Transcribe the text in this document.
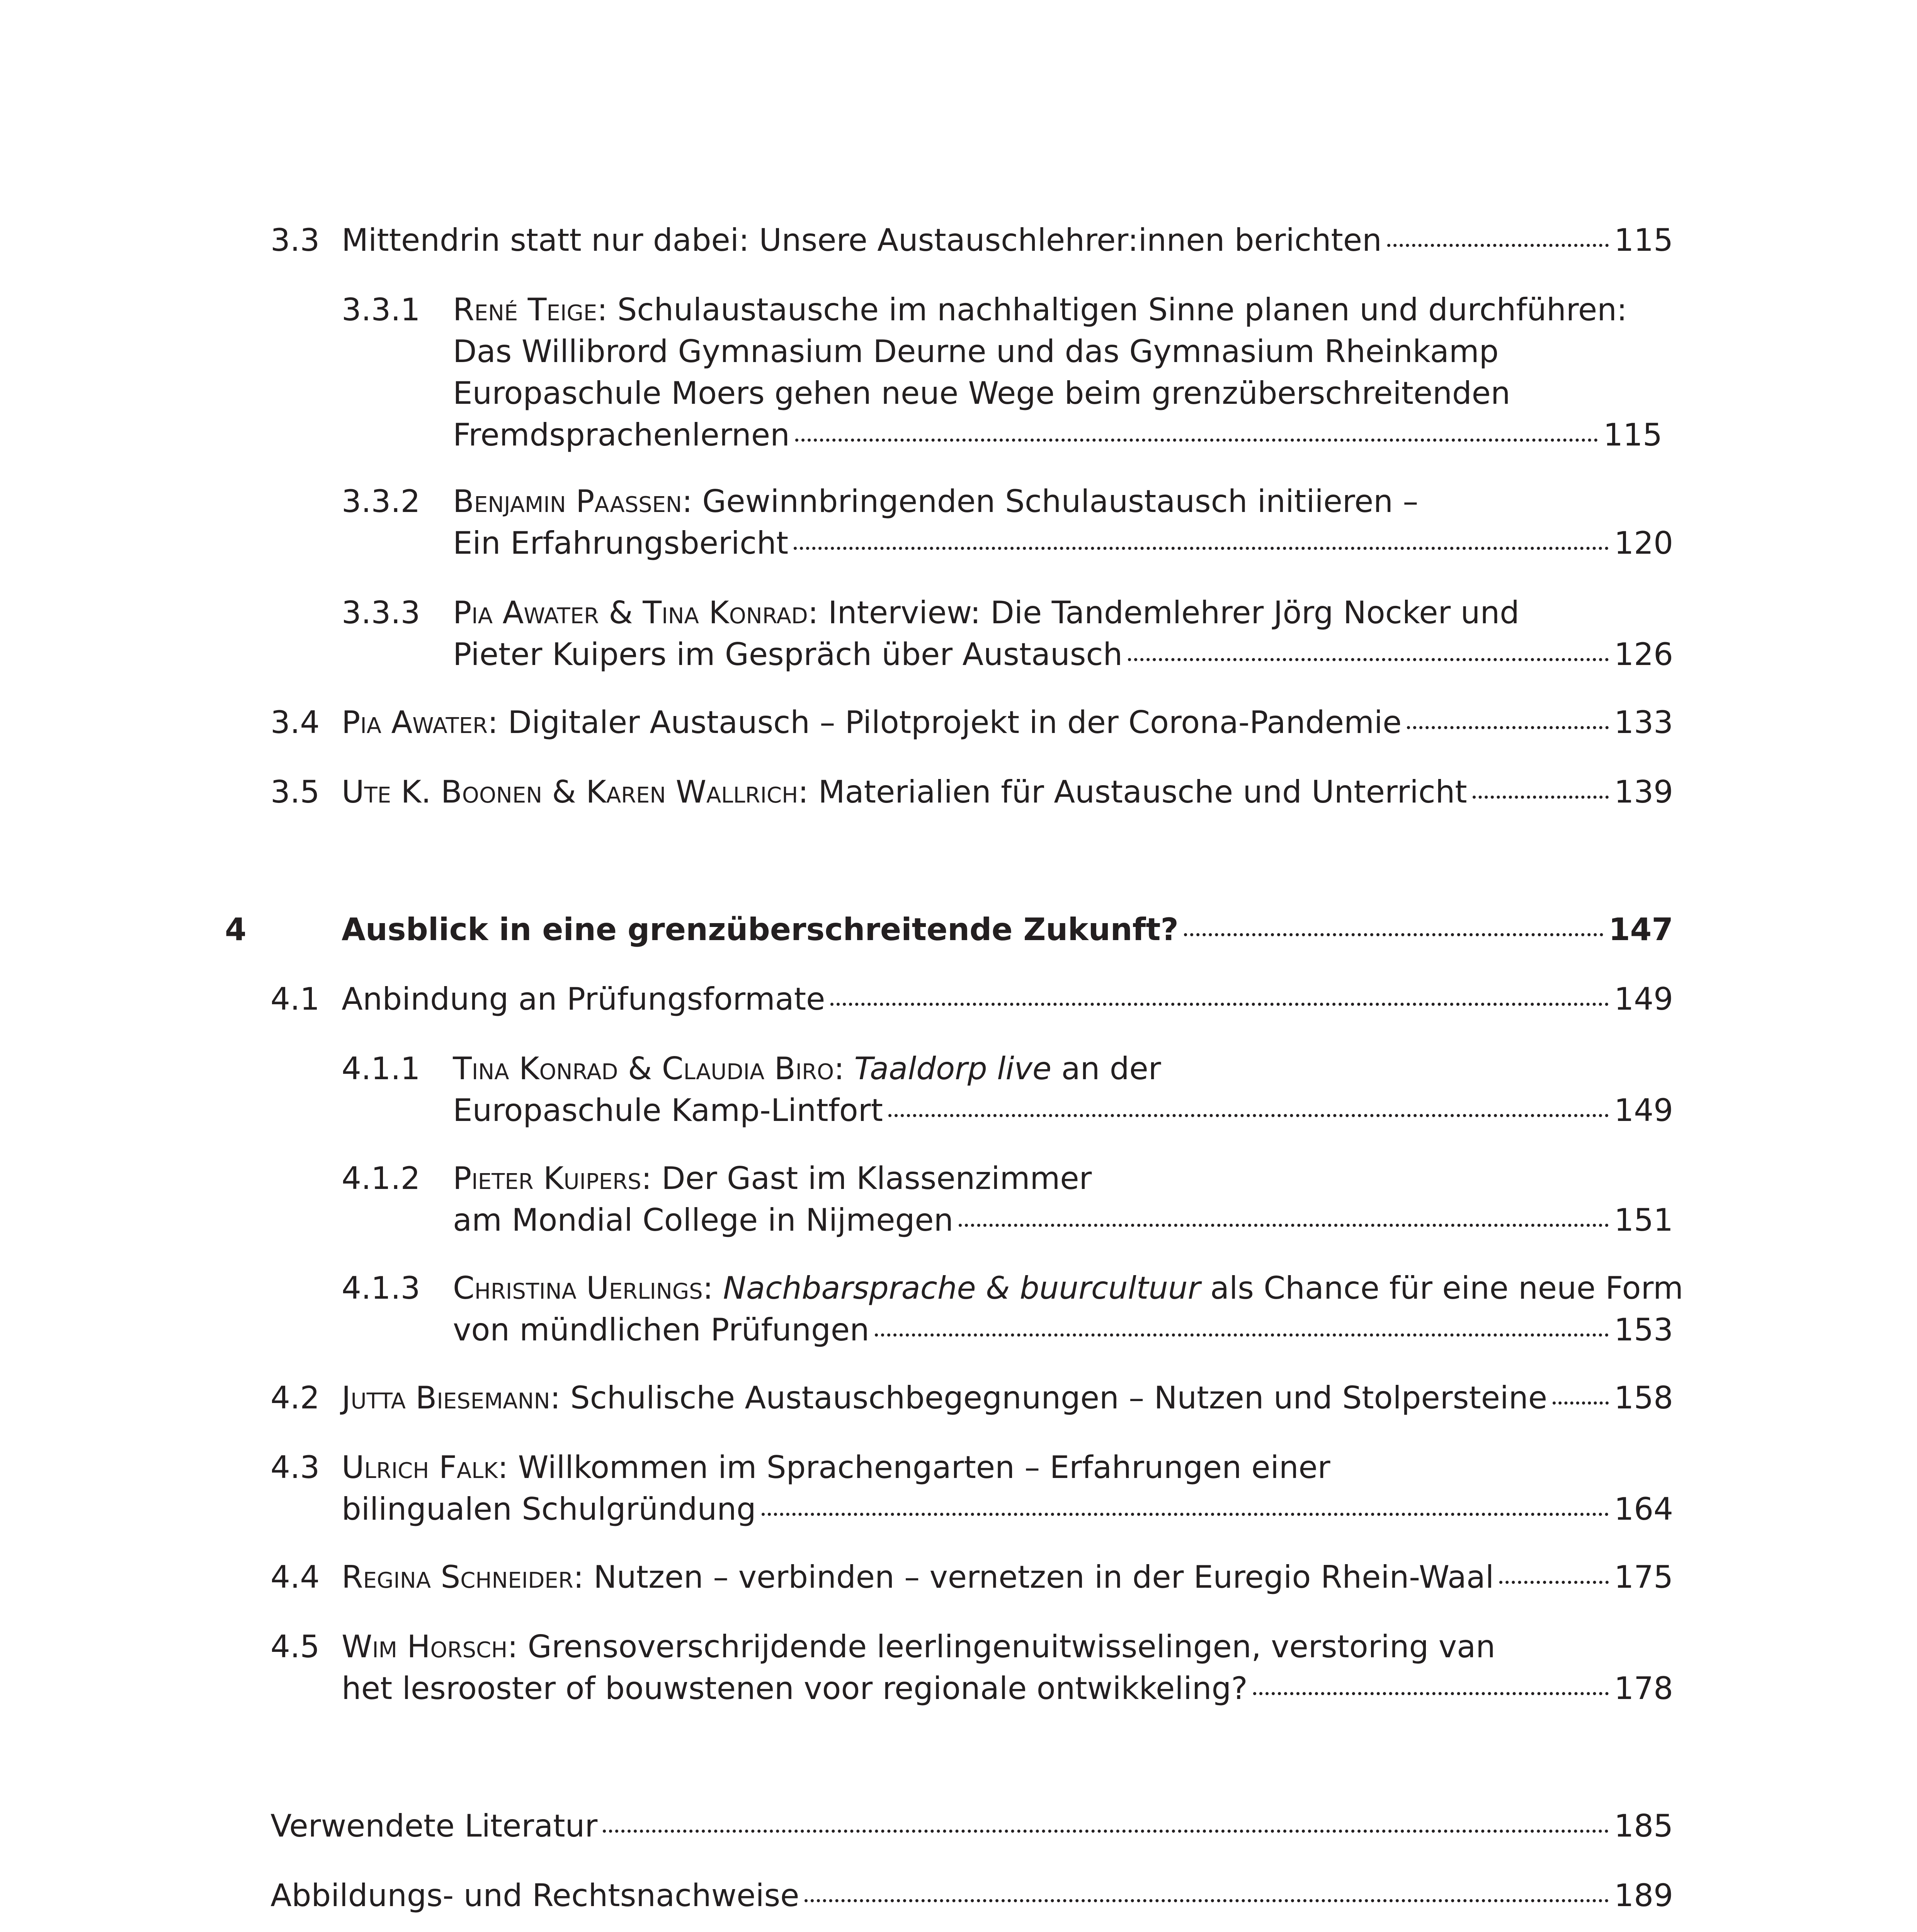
3.3 Mittendrin statt nur dabei: Unsere Austauschlehrer:innen berichten	115
3.3.1 René Teige: Schulaustausche im nachhaltigen Sinne planen und durchführen:
Das Willibrord Gymnasium Deurne und das Gymnasium Rheinkamp
Europaschule Moers gehen neue Wege beim grenzüberschreitenden
Fremdsprachenlernen	115
3.3.2 Benjamin Paaßen: Gewinnbringenden Schulaustausch initiieren –
Ein Erfahrungsbericht	120
3.3.3 Pia Awater & Tina Konrad: Interview: Die Tandemlehrer Jörg Nocker und
Pieter Kuipers im Gespräch über Austausch	126
3.4 Pia Awater: Digitaler Austausch – Pilotprojekt in der Corona-Pandemie	133
3.5 Ute K. Boonen & Karen Wallrich: Materialien für Austausche und Unterricht	139
4	Ausblick in eine grenzüberschreitende Zukunft?	147
4.1 Anbindung an Prüfungsformate	149
4.1.1 Tina Konrad & Claudia Biro: Taaldorp live an der
Europaschule Kamp-Lintfort	149
4.1.2 Pieter Kuipers: Der Gast im Klassenzimmer
am Mondial College in Nijmegen	151
4.1.3 Christina Uerlings: Nachbarsprache & buurcultuur als Chance für eine neue Form
von mündlichen Prüfungen	153
4.2 Jutta Biesemann: Schulische Austauschbegegnungen – Nutzen und Stolpersteine 158
4.3 Ulrich Falk: Willkommen im Sprachengarten – Erfahrungen einer
bilingualen Schulgründung	164
4.4 Regina Schneider: Nutzen – verbinden – vernetzen in der Euregio Rhein-Waal	175
4.5 Wim Horsch: Grensoverschrijdende leerlingenuitwisselingen, verstoring van
het lesrooster of bouwstenen voor regionale ontwikkeling?	178
Verwendete Literatur	185
Abbildungs- und Rechtsnachweise	189
